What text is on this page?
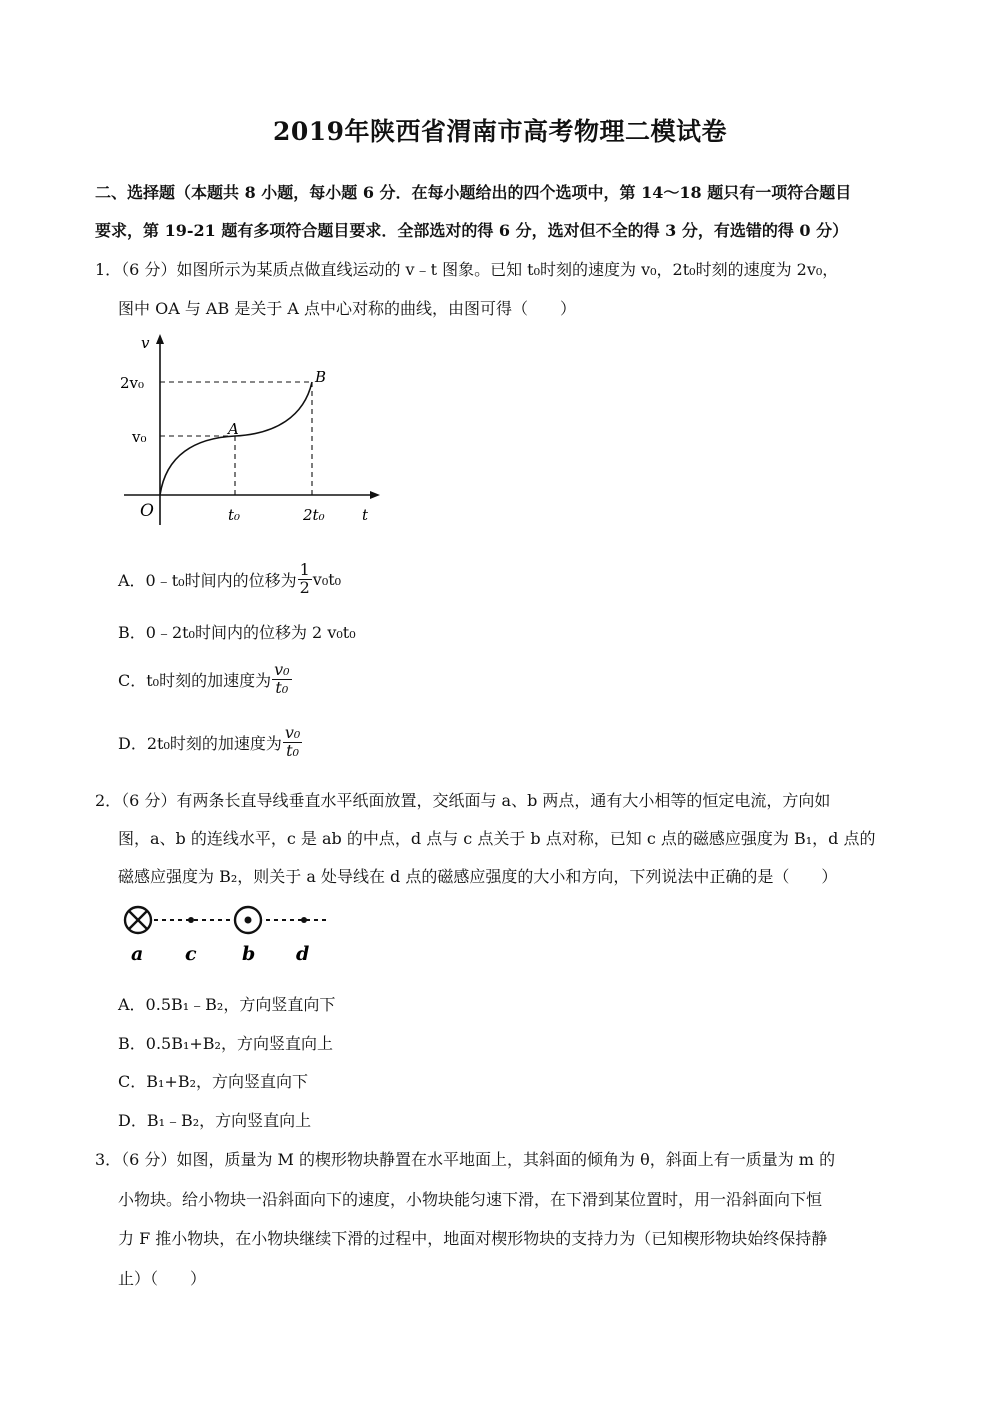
2019年陕西省渭南市高考物理二模试卷
二、选择题（本题共 8 小题，每小题 6 分．在每小题给出的四个选项中，第 14～18 题只有一项符合题目
要求，第 19-21 题有多项符合题目要求．全部选对的得 6 分，选对但不全的得 3 分，有选错的得 0 分）
1．（6 分）如图所示为某质点做直线运动的 v﹣t 图象。已知 t₀时刻的速度为 v₀，2t₀时刻的速度为 2v₀，
图中 OA 与 AB 是关于 A 点中心对称的曲线，由图可得（　　）
v
2v₀
v₀
O
A
B
t₀	2t₀ t
A．0﹣t₀时间内的位移为 $\frac{1}{2} v_0t_0$
B．0﹣2t₀时间内的位移为 2 v₀t₀
C．t₀时刻的加速度为 $\frac{\text{v₀}}{\text{t₀}}$
D．2t₀时刻的加速度为 $\frac{\text{v₀}}{\text{t₀}}$
2．（6 分）有两条长直导线垂直水平纸面放置，交纸面与 a、b 两点，通有大小相等的恒定电流，方向如
图，a、b 的连线水平，c 是 ab 的中点，d 点与 c 点关于 b 点对称，已知 c 点的磁感应强度为 B₁，d 点的
磁感应强度为 B₂，则关于 a 处导线在 d 点的磁感应强度的大小和方向，下列说法中正确的是（　　）
a c b d
A．0.5B₁﹣B₂，方向竖直向下
B．0.5B₁+B₂，方向竖直向上
C．B₁+B₂，方向竖直向下
D．B₁﹣B₂，方向竖直向上
3．（6 分）如图，质量为 M 的楔形物块静置在水平地面上，其斜面的倾角为 θ，斜面上有一质量为 m 的
小物块。给小物块一沿斜面向下的速度，小物块能匀速下滑，在下滑到某位置时，用一沿斜面向下恒
力 F 推小物块，在小物块继续下滑的过程中，地面对楔形物块的支持力为（已知楔形物块始终保持静
止）（　　）
